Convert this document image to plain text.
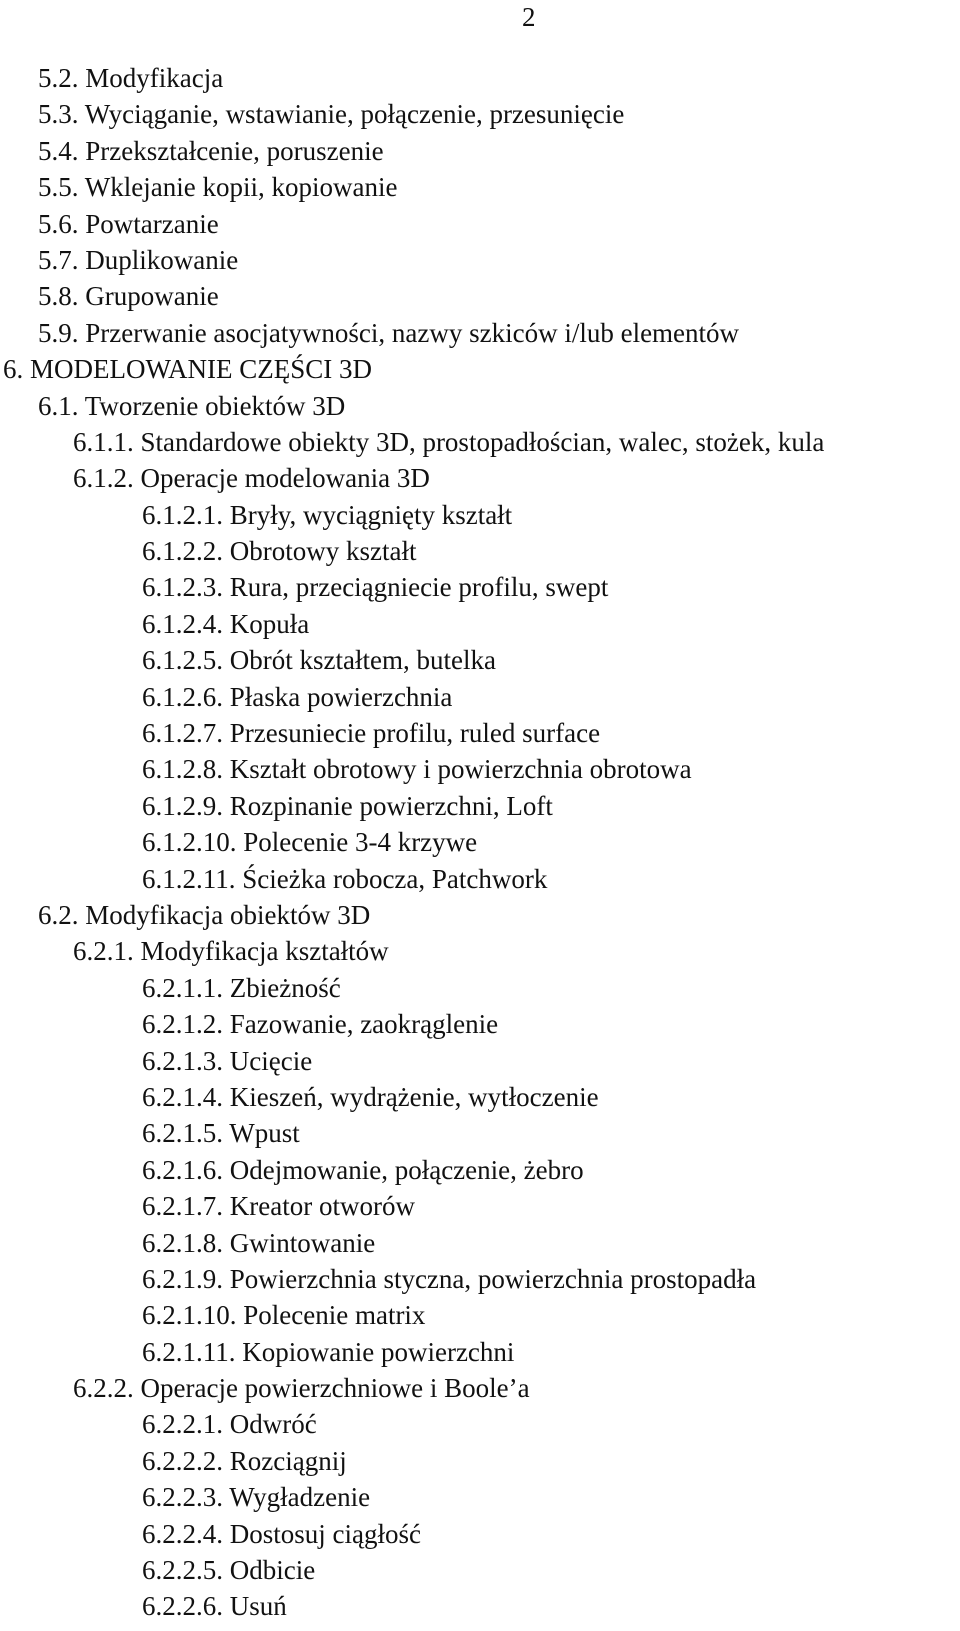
2
5.2. Modyfikacja
5.3. Wyciąganie, wstawianie, połączenie, przesunięcie
5.4. Przekształcenie, poruszenie
5.5. Wklejanie kopii, kopiowanie
5.6. Powtarzanie
5.7. Duplikowanie
5.8. Grupowanie
5.9. Przerwanie asocjatywności, nazwy szkiców i/lub elementów
6. MODELOWANIE CZĘŚCI 3D
6.1. Tworzenie obiektów 3D
6.1.1. Standardowe obiekty 3D, prostopadłościan, walec, stożek, kula
6.1.2. Operacje modelowania 3D
6.1.2.1. Bryły, wyciągnięty kształt
6.1.2.2. Obrotowy kształt
6.1.2.3. Rura, przeciągniecie profilu, swept
6.1.2.4. Kopuła
6.1.2.5. Obrót kształtem, butelka
6.1.2.6. Płaska powierzchnia
6.1.2.7. Przesuniecie profilu, ruled surface
6.1.2.8. Kształt obrotowy i powierzchnia obrotowa
6.1.2.9. Rozpinanie powierzchni, Loft
6.1.2.10. Polecenie 3-4 krzywe
6.1.2.11. Ścieżka robocza, Patchwork
6.2. Modyfikacja obiektów 3D
6.2.1. Modyfikacja kształtów
6.2.1.1. Zbieżność
6.2.1.2. Fazowanie, zaokrąglenie
6.2.1.3. Ucięcie
6.2.1.4. Kieszeń, wydrążenie, wytłoczenie
6.2.1.5. Wpust
6.2.1.6. Odejmowanie, połączenie, żebro
6.2.1.7. Kreator otworów
6.2.1.8. Gwintowanie
6.2.1.9. Powierzchnia styczna, powierzchnia prostopadła
6.2.1.10. Polecenie matrix
6.2.1.11. Kopiowanie powierzchni
6.2.2. Operacje powierzchniowe i Boole’a
6.2.2.1. Odwróć
6.2.2.2. Rozciągnij
6.2.2.3. Wygładzenie
6.2.2.4. Dostosuj ciągłość
6.2.2.5. Odbicie
6.2.2.6. Usuń
